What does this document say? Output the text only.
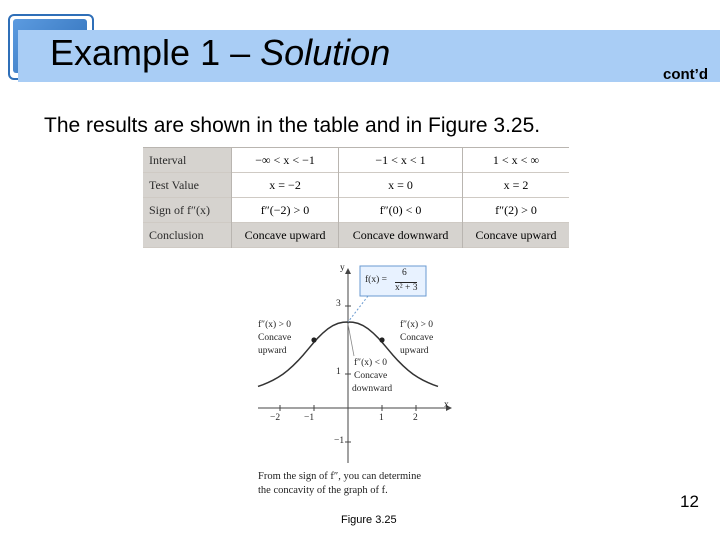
Example 1 – Solution
cont’d
The results are shown in the table and in Figure 3.25.
Interval	−∞ < x < −1	−1 < x < 1	1 < x < ∞
Test Value	x = −2	x = 0	x = 2
Sign of f″(x)	f″(−2) > 0	f″(0) < 0	f″(2) > 0
Conclusion	Concave upward	Concave downward	Concave upward
y
x
3
1
−1
−2	−1	1	2
f(x) =
6
x² + 3
f″(x) > 0
Concave
upward
f″(x) > 0
Concave
upward
f″(x) < 0
Concave
downward
From the sign of f″, you can determine
the concavity of the graph of f.
Figure 3.25
12
